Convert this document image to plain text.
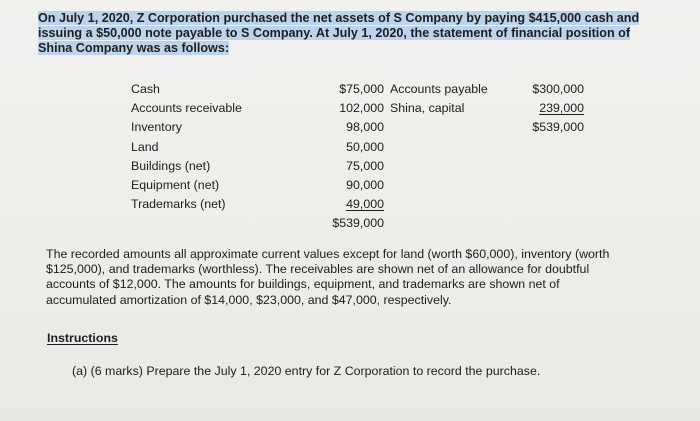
On July 1, 2020, Z Corporation purchased the net assets of S Company by paying $415,000 cash and
issuing a $50,000 note payable to S Company. At July 1, 2020, the statement of financial position of
Shina Company was as follows:
Cash
Accounts receivable
Inventory
Land
Buildings (net)
Equipment (net)
Trademarks (net)
$75,000
102,000
98,000
50,000
75,000
90,000
49,000
$539,000
Accounts payable
Shina, capital
$300,000
239,000
$539,000
The recorded amounts all approximate current values except for land (worth $60,000), inventory (worth
$125,000), and trademarks (worthless). The receivables are shown net of an allowance for doubtful
accounts of $12,000. The amounts for buildings, equipment, and trademarks are shown net of
accumulated amortization of $14,000, $23,000, and $47,000, respectively.
Instructions
(a) (6 marks) Prepare the July 1, 2020 entry for Z Corporation to record the purchase.
